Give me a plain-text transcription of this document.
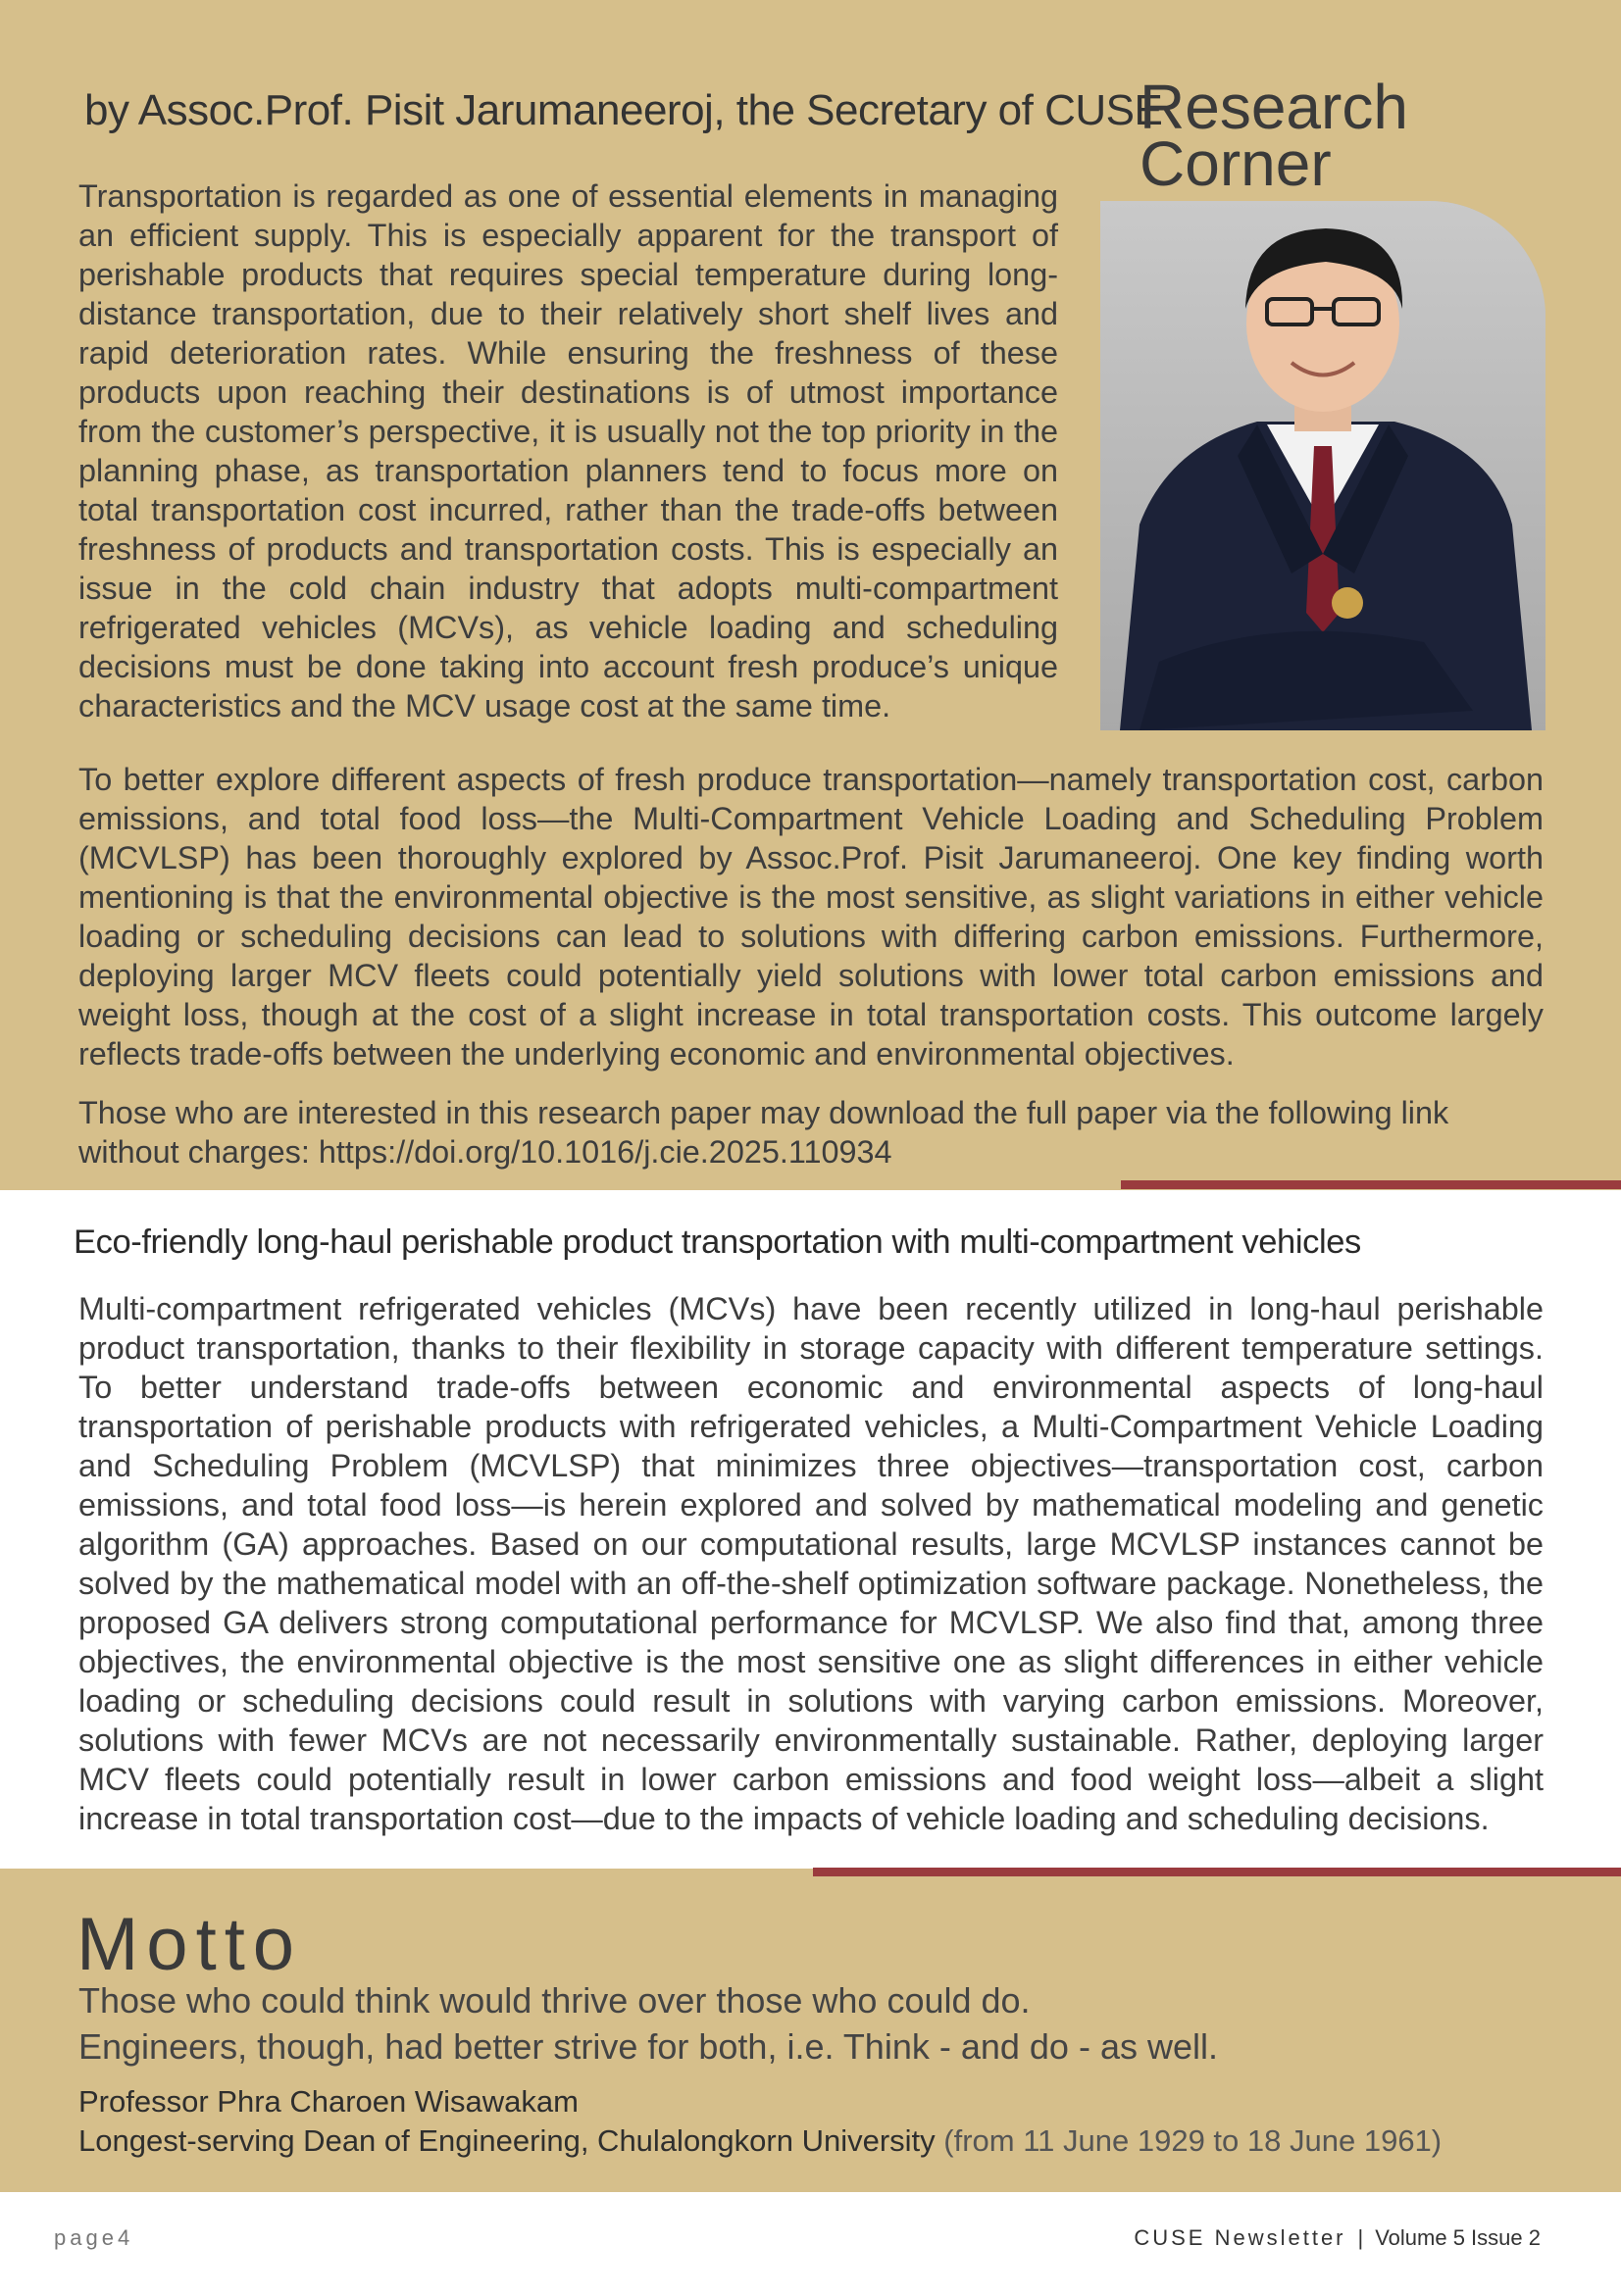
by Assoc.Prof. Pisit Jarumaneeroj, the Secretary of CUSE
Research
Corner

Transportation is regarded as one of essential elements in managing an efficient supply. This is especially apparent for the transport of perishable products that requires special temperature during long-distance transportation, due to their relatively short shelf lives and rapid deterioration rates. While ensuring the freshness of these products upon reaching their destinations is of utmost importance from the customer’s perspective, it is usually not the top priority in the planning phase, as transportation planners tend to focus more on total transportation cost incurred, rather than the trade-offs between freshness of products and transportation costs. This is especially an issue in the cold chain industry that adopts multi-compartment refrigerated vehicles (MCVs), as vehicle loading and scheduling decisions must be done taking into account fresh produce’s unique characteristics and the MCV usage cost at the same time.

To better explore different aspects of fresh produce transportation—namely transportation cost, carbon emissions, and total food loss—the Multi-Compartment Vehicle Loading and Scheduling Problem (MCVLSP) has been thoroughly explored by Assoc.Prof. Pisit Jarumaneeroj. One key finding worth mentioning is that the environmental objective is the most sensitive, as slight variations in either vehicle loading or scheduling decisions can lead to solutions with differing carbon emissions. Furthermore, deploying larger MCV fleets could potentially yield solutions with lower total carbon emissions and weight loss, though at the cost of a slight increase in total transportation costs. This outcome largely reflects trade-offs between the underlying economic and environmental objectives.

Those who are interested in this research paper may download the full paper via the following link without charges: https://doi.org/10.1016/j.cie.2025.110934

Eco-friendly long-haul perishable product transportation with multi-compartment vehicles

Multi-compartment refrigerated vehicles (MCVs) have been recently utilized in long-haul perishable product transportation, thanks to their flexibility in storage capacity with different temperature settings. To better understand trade-offs between economic and environmental aspects of long-haul transportation of perishable products with refrigerated vehicles, a Multi-Compartment Vehicle Loading and Scheduling Problem (MCVLSP) that minimizes three objectives—transportation cost, carbon emissions, and total food loss—is herein explored and solved by mathematical modeling and genetic algorithm (GA) approaches. Based on our computational results, large MCVLSP instances cannot be solved by the mathematical model with an off-the-shelf optimization software package. Nonetheless, the proposed GA delivers strong computational performance for MCVLSP. We also find that, among three objectives, the environmental objective is the most sensitive one as slight differences in either vehicle loading or scheduling decisions could result in solutions with varying carbon emissions. Moreover, solutions with fewer MCVs are not necessarily environmentally sustainable. Rather, deploying larger MCV fleets could potentially result in lower carbon emissions and food weight loss—albeit a slight increase in total transportation cost—due to the impacts of vehicle loading and scheduling decisions.

Motto
Those who could think would thrive over those who could do.
Engineers, though, had better strive for both, i.e. Think - and do - as well.
Professor Phra Charoen Wisawakam
Longest-serving Dean of Engineering, Chulalongkorn University (from 11 June 1929 to 18 June 1961)
page4	CUSE Newsletter | Volume 5 Issue 2
